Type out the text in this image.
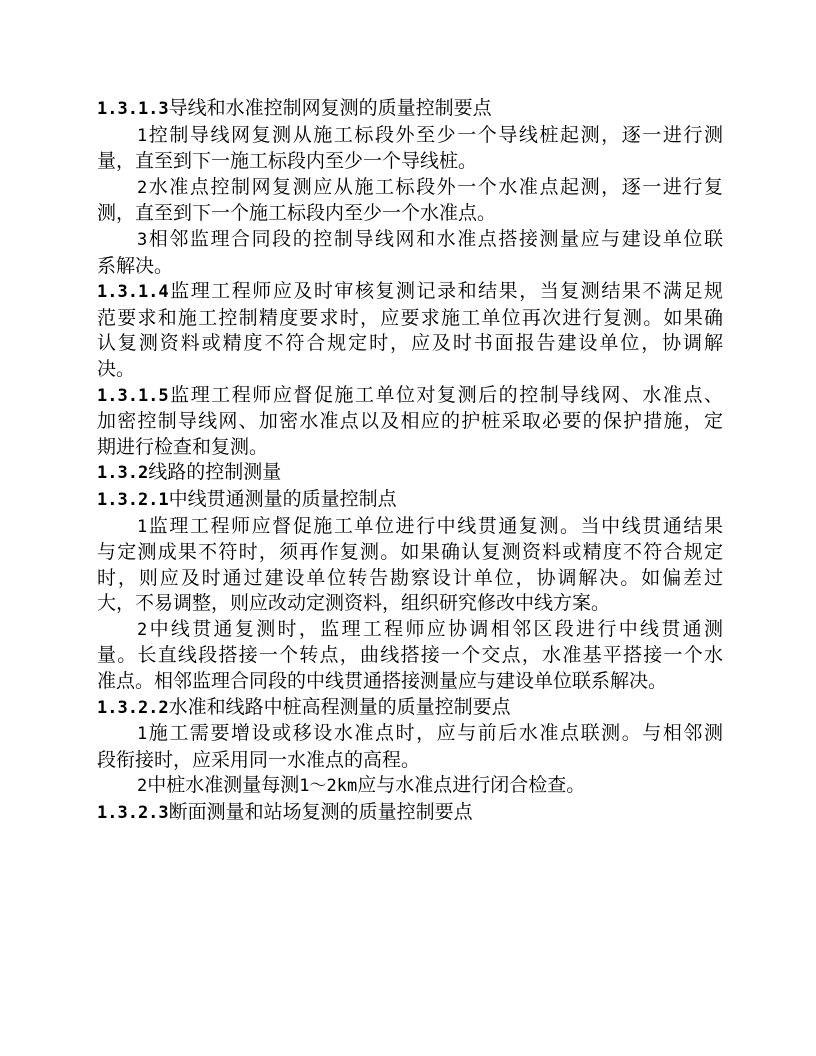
1.3.1.3导线和水准控制网复测的质量控制要点
1控制导线网复测从施工标段外至少一个导线桩起测，逐一进行测
量，直至到下一施工标段内至少一个导线桩。
2水准点控制网复测应从施工标段外一个水准点起测，逐一进行复
测，直至到下一个施工标段内至少一个水准点。
3相邻监理合同段的控制导线网和水准点搭接测量应与建设单位联
系解决。
1.3.1.4监理工程师应及时审核复测记录和结果，当复测结果不满足规
范要求和施工控制精度要求时，应要求施工单位再次进行复测。如果确
认复测资料或精度不符合规定时，应及时书面报告建设单位，协调解
决。
1.3.1.5监理工程师应督促施工单位对复测后的控制导线网、水准点、
加密控制导线网、加密水准点以及相应的护桩采取必要的保护措施，定
期进行检查和复测。
1.3.2线路的控制测量
1.3.2.1中线贯通测量的质量控制点
1监理工程师应督促施工单位进行中线贯通复测。当中线贯通结果
与定测成果不符时，须再作复测。如果确认复测资料或精度不符合规定
时，则应及时通过建设单位转告勘察设计单位，协调解决。如偏差过
大，不易调整，则应改动定测资料，组织研究修改中线方案。
2中线贯通复测时，监理工程师应协调相邻区段进行中线贯通测
量。长直线段搭接一个转点，曲线搭接一个交点，水准基平搭接一个水
准点。相邻监理合同段的中线贯通搭接测量应与建设单位联系解决。
1.3.2.2水准和线路中桩高程测量的质量控制要点
1施工需要增设或移设水准点时，应与前后水准点联测。与相邻测
段衔接时，应采用同一水准点的高程。
2中桩水准测量每测1～2km应与水准点进行闭合检查。
1.3.2.3断面测量和站场复测的质量控制要点
